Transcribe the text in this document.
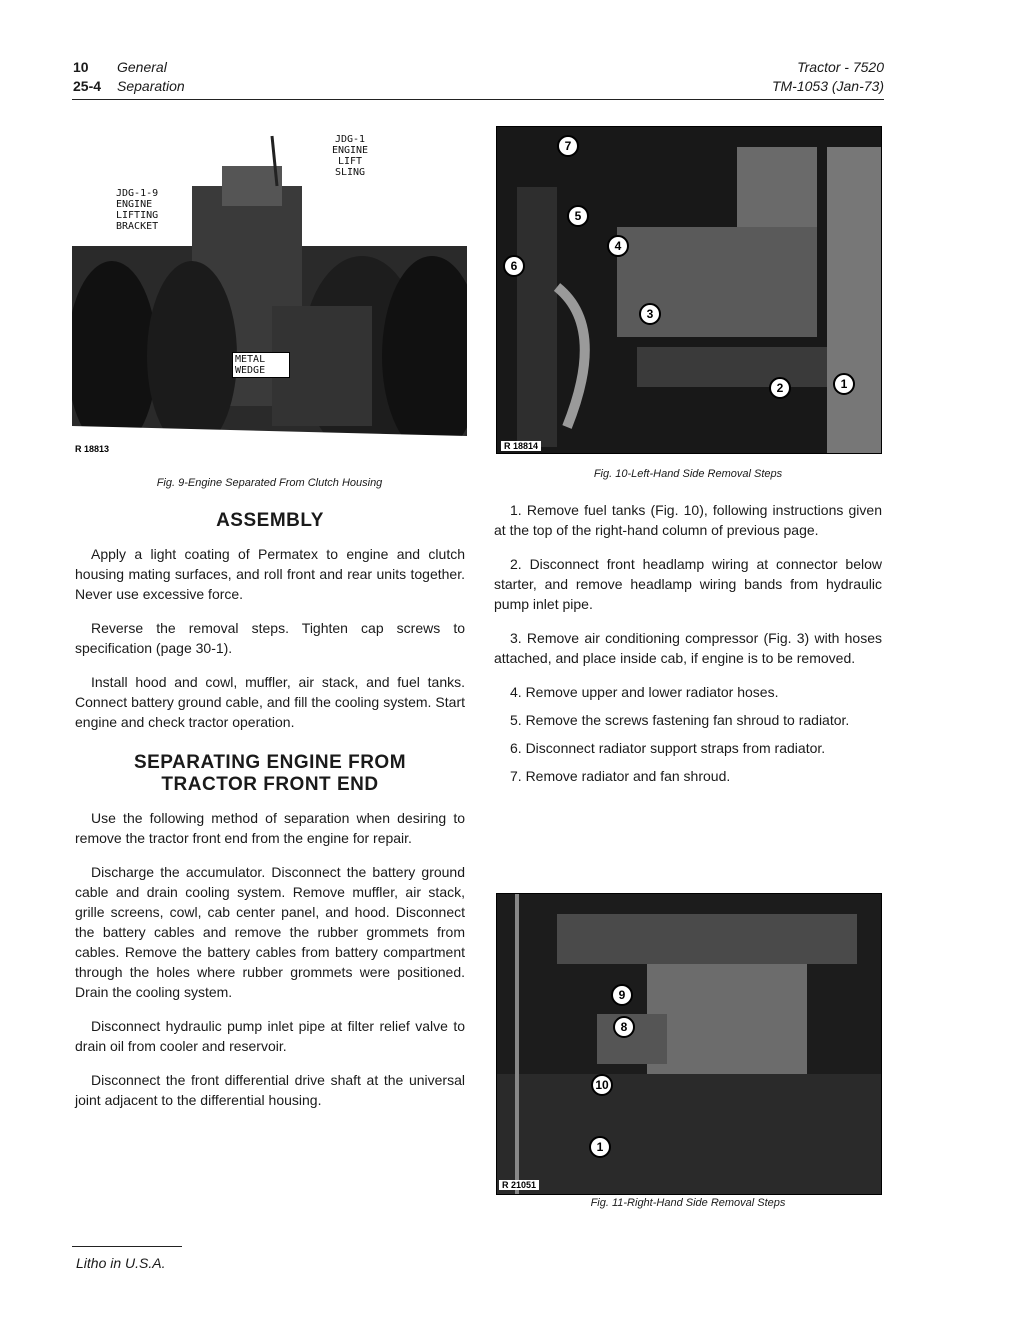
10 General
25-4 Separation
Tractor - 7520
TM-1053 (Jan-73)
JDG-1
ENGINE
LIFT
SLING
JDG-1-9
ENGINE
LIFTING
BRACKET
METAL
WEDGE
R 18813
Fig. 9-Engine Separated From Clutch Housing
7
5
4
6
3
2	1
R 18814
Fig. 10-Left-Hand Side Removal Steps
ASSEMBLY

Apply a light coating of Permatex to engine and clutch housing mating surfaces, and roll front and rear units together. Never use excessive force.

Reverse the removal steps. Tighten cap screws to specification (page 30-1).

Install hood and cowl, muffler, air stack, and fuel tanks. Connect battery ground cable, and fill the cooling system. Start engine and check tractor operation.

SEPARATING ENGINE FROM
TRACTOR FRONT END

Use the following method of separation when desiring to remove the tractor front end from the engine for repair.

Discharge the accumulator. Disconnect the battery ground cable and drain cooling system. Remove muffler, air stack, grille screens, cowl, cab center panel, and hood. Disconnect the battery cables and remove the rubber grommets from cables. Remove the battery cables from battery compartment through the holes where rubber grommets were positioned. Drain the cooling system.

Disconnect hydraulic pump inlet pipe at filter relief valve to drain oil from cooler and reservoir.

Disconnect the front differential drive shaft at the universal joint adjacent to the differential housing.

1. Remove fuel tanks (Fig. 10), following instructions given at the top of the right-hand column of previous page.

2. Disconnect front headlamp wiring at connector below starter, and remove headlamp wiring bands from hydraulic pump inlet pipe.

3. Remove air conditioning compressor (Fig. 3) with hoses attached, and place inside cab, if engine is to be removed.

4. Remove upper and lower radiator hoses.

5. Remove the screws fastening fan shroud to radiator.

6. Disconnect radiator support straps from radiator.

7. Remove radiator and fan shroud.

9
8
10
1
R 21051
Fig. 11-Right-Hand Side Removal Steps
Litho in U.S.A.
